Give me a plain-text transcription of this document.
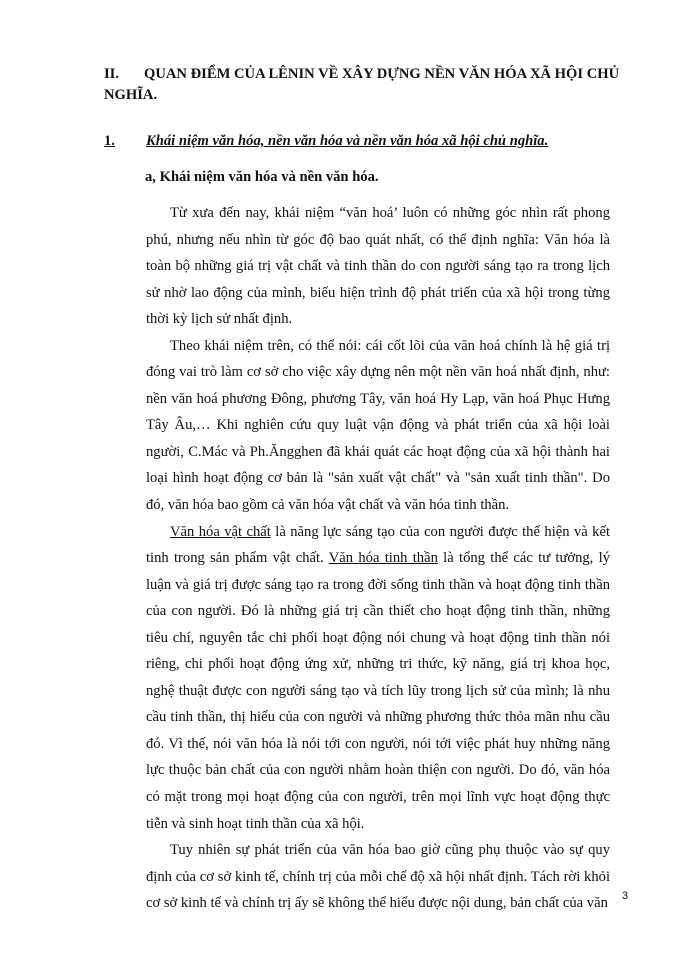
II. QUAN ĐIỂM CỦA LÊNIN VỀ XÂY DỰNG NỀN VĂN HÓA XÃ HỘI CHỦ NGHĨA.
1. Khái niệm văn hóa, nền văn hóa và nền văn hóa xã hội chủ nghĩa.
a, Khái niệm văn hóa và nền văn hóa.

Từ xưa đến nay, khái niệm “văn hoá’ luôn có những góc nhìn rất phong phú, nhưng nếu nhìn từ góc độ bao quát nhất, có thể định nghĩa: Văn hóa là toàn bộ những giá trị vật chất và tinh thần do con người sáng tạo ra trong lịch sử nhờ lao động của mình, biểu hiện trình độ phát triển của xã hội trong từng thời kỳ lịch sử nhất định.

Theo khái niệm trên, có thể nói: cái cốt lõi của văn hoá chính là hệ giá trị đóng vai trò làm cơ sở cho việc xây dựng nên một nền văn hoá nhất định, như: nền văn hoá phương Đông, phương Tây, văn hoá Hy Lạp, văn hoá Phục Hưng Tây Âu,… Khi nghiên cứu quy luật vận động và phát triển của xã hội loài người, C.Mác và Ph.Ăngghen đã khái quát các hoạt động của xã hội thành hai loại hình hoạt động cơ bản là "sản xuất vật chất" và "sản xuất tinh thần". Do đó, văn hóa bao gồm cả văn hóa vật chất và văn hóa tinh thần.

Văn hóa vật chất là năng lực sáng tạo của con người được thể hiện và kết tinh trong sản phẩm vật chất. Văn hóa tinh thần là tổng thể các tư tưởng, lý luận và giá trị được sáng tạo ra trong đời sống tinh thần và hoạt động tinh thần của con người. Đó là những giá trị cần thiết cho hoạt động tinh thần, những tiêu chí, nguyên tắc chi phối hoạt động nói chung và hoạt động tinh thần nói riêng, chi phối hoạt động ứng xử, những tri thức, kỹ năng, giá trị khoa học, nghệ thuật được con người sáng tạo và tích lũy trong lịch sử của mình; là nhu cầu tinh thần, thị hiếu của con người và những phương thức thỏa mãn nhu cầu đó. Vì thế, nói văn hóa là nói tới con người, nói tới việc phát huy những năng lực thuộc bản chất của con người nhằm hoàn thiện con người. Do đó, văn hóa có mặt trong mọi hoạt động của con người, trên mọi lĩnh vực hoạt động thực tiễn và sinh hoạt tinh thần của xã hội.

Tuy nhiên sự phát triển của văn hóa bao giờ cũng phụ thuộc vào sự quy định của cơ sở kinh tế, chính trị của mỗi chế độ xã hội nhất định. Tách rời khỏi cơ sở kinh tế và chính trị ấy sẽ không thể hiểu được nội dung, bản chất của văn 3
